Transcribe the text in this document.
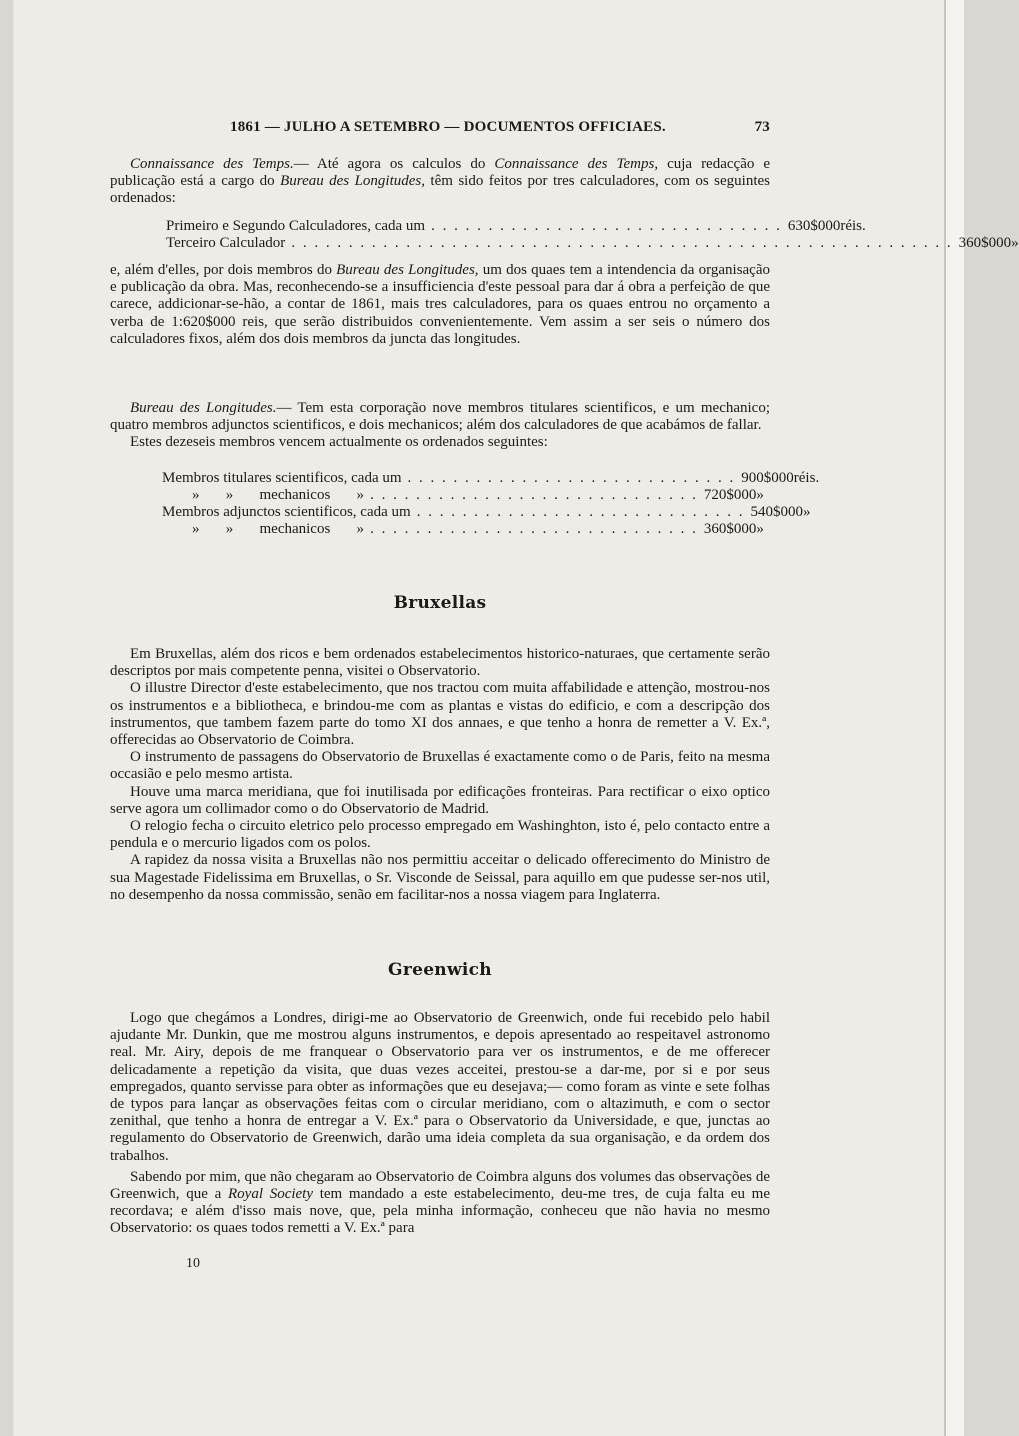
1861 — JULHO A SETEMBRO — DOCUMENTOS OFFICIAES.	73

Connaissance des Temps.— Até agora os calculos do Connaissance des Temps, cuja redacção e publicação está a cargo do Bureau des Longitudes, têm sido feitos por tres calculadores, com os seguintes ordenados:

Primeiro e Segundo Calculadores, cada um . . . . . . . . . . . . . . . . . . . . . . . . . . . . . . . 630$000 réis.
Terceiro Calculador . . . . . . . . . . . . . . . . . . . . . . . . . . . . . . . . . . . . . . . . . . . . . . . . . . . . . . . . . . 360$000 »

e, além d'elles, por dois membros do Bureau des Longitudes, um dos quaes tem a intendencia da organisação e publicação da obra. Mas, reconhecendo-se a insufficiencia d'este pessoal para dar á obra a perfeição de que carece, addicionar-se-hão, a contar de 1861, mais tres calculadores, para os quaes entrou no orçamento a verba de 1:620$000 reis, que serão distribuidos convenientemente. Vem assim a ser seis o número dos calculadores fixos, além dos dois membros da juncta das longitudes.

Bureau des Longitudes.— Tem esta corporação nove membros titulares scientificos, e um mechanico; quatro membros adjunctos scientificos, e dois mechanicos; além dos calculadores de que acabámos de fallar.

Estes dezeseis membros vencem actualmente os ordenados seguintes:

Membros titulares scientificos, cada um . . . . . . . . . . . . . . . . . . . . . . . . . . . . . 900$000 réis.
»       »       mechanicos       » . . . . . . . . . . . . . . . . . . . . . . . . . . . . . 720$000 »
Membros adjunctos scientificos, cada um . . . . . . . . . . . . . . . . . . . . . . . . . . . . . 540$000 »
»       »       mechanicos       » . . . . . . . . . . . . . . . . . . . . . . . . . . . . . 360$000 »
Bruxellas

Em Bruxellas, além dos ricos e bem ordenados estabelecimentos historico-naturaes, que certamente serão descriptos por mais competente penna, visitei o Observatorio.

O illustre Director d'este estabelecimento, que nos tractou com muita affabilidade e attenção, mostrou-nos os instrumentos e a bibliotheca, e brindou-me com as plantas e vistas do edificio, e com a descripção dos instrumentos, que tambem fazem parte do tomo XI dos annaes, e que tenho a honra de remetter a V. Ex.ª, offerecidas ao Observatorio de Coimbra.

O instrumento de passagens do Observatorio de Bruxellas é exactamente como o de Paris, feito na mesma occasião e pelo mesmo artista.

Houve uma marca meridiana, que foi inutilisada por edificações fronteiras. Para rectificar o eixo optico serve agora um collimador como o do Observatorio de Madrid.

O relogio fecha o circuito eletrico pelo processo empregado em Washinghton, isto é, pelo contacto entre a pendula e o mercurio ligados com os polos.

A rapidez da nossa visita a Bruxellas não nos permittiu acceitar o delicado offerecimento do Ministro de sua Magestade Fidelissima em Bruxellas, o Sr. Visconde de Seissal, para aquillo em que pudesse ser-nos util, no desempenho da nossa commissão, senão em facilitar-nos a nossa viagem para Inglaterra.

Greenwich

Logo que chegámos a Londres, dirigi-me ao Observatorio de Greenwich, onde fui recebido pelo habil ajudante Mr. Dunkin, que me mostrou alguns instrumentos, e depois apresentado ao respeitavel astronomo real. Mr. Airy, depois de me franquear o Observatorio para ver os instrumentos, e de me offerecer delicadamente a repetição da visita, que duas vezes acceitei, prestou-se a dar-me, por si e por seus empregados, quanto servisse para obter as informações que eu desejava;— como foram as vinte e sete folhas de typos para lançar as observações feitas com o circular meridiano, com o altazimuth, e com o sector zenithal, que tenho a honra de entregar a V. Ex.ª para o Observatorio da Universidade, e que, junctas ao regulamento do Observatorio de Greenwich, darão uma ideia completa da sua organisação, e da ordem dos trabalhos.

Sabendo por mim, que não chegaram ao Observatorio de Coimbra alguns dos volumes das observações de Greenwich, que a Royal Society tem mandado a este estabelecimento, deu-me tres, de cuja falta eu me recordava; e além d'isso mais nove, que, pela minha informação, conheceu que não havia no mesmo Observatorio: os quaes todos remetti a V. Ex.ª para

10
